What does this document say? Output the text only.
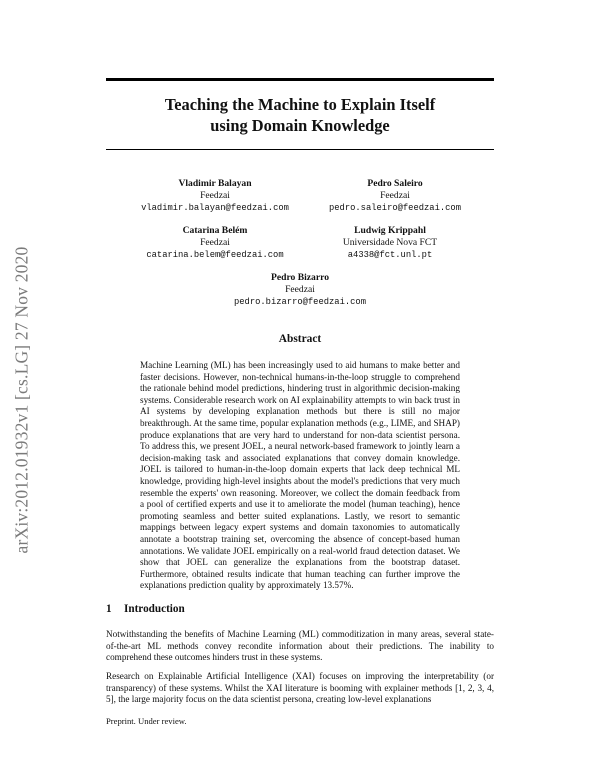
arXiv:2012.01932v1 [cs.LG] 27 Nov 2020
Teaching the Machine to Explain Itself
using Domain Knowledge
Vladimir Balayan
Feedzai
vladimir.balayan@feedzai.com
Pedro Saleiro
Feedzai
pedro.saleiro@feedzai.com
Catarina Belém
Feedzai
catarina.belem@feedzai.com
Ludwig Krippahl
Universidade Nova FCT
a4338@fct.unl.pt
Pedro Bizarro
Feedzai
pedro.bizarro@feedzai.com
Abstract

Machine Learning (ML) has been increasingly used to aid humans to make better and faster decisions. However, non-technical humans-in-the-loop struggle to comprehend the rationale behind model predictions, hindering trust in algorithmic decision-making systems. Considerable research work on AI explainability attempts to win back trust in AI systems by developing explanation methods but there is still no major breakthrough. At the same time, popular explanation methods (e.g., LIME, and SHAP) produce explanations that are very hard to understand for non-data scientist persona. To address this, we present JOEL, a neural network-based framework to jointly learn a decision-making task and associated explanations that convey domain knowledge. JOEL is tailored to human-in-the-loop domain experts that lack deep technical ML knowledge, providing high-level insights about the model's predictions that very much resemble the experts' own reasoning. Moreover, we collect the domain feedback from a pool of certified experts and use it to ameliorate the model (human teaching), hence promoting seamless and better suited explanations. Lastly, we resort to semantic mappings between legacy expert systems and domain taxonomies to automatically annotate a bootstrap training set, overcoming the absence of concept-based human annotations. We validate JOEL empirically on a real-world fraud detection dataset. We show that JOEL can generalize the explanations from the bootstrap dataset. Furthermore, obtained results indicate that human teaching can further improve the explanations prediction quality by approximately 13.57%.

1 Introduction

Notwithstanding the benefits of Machine Learning (ML) commoditization in many areas, several state-of-the-art ML methods convey recondite information about their predictions. The inability to comprehend these outcomes hinders trust in these systems.

Research on Explainable Artificial Intelligence (XAI) focuses on improving the interpretability (or transparency) of these systems. Whilst the XAI literature is booming with explainer methods [1, 2, 3, 4, 5], the large majority focus on the data scientist persona, creating low-level explanations

Preprint. Under review.
